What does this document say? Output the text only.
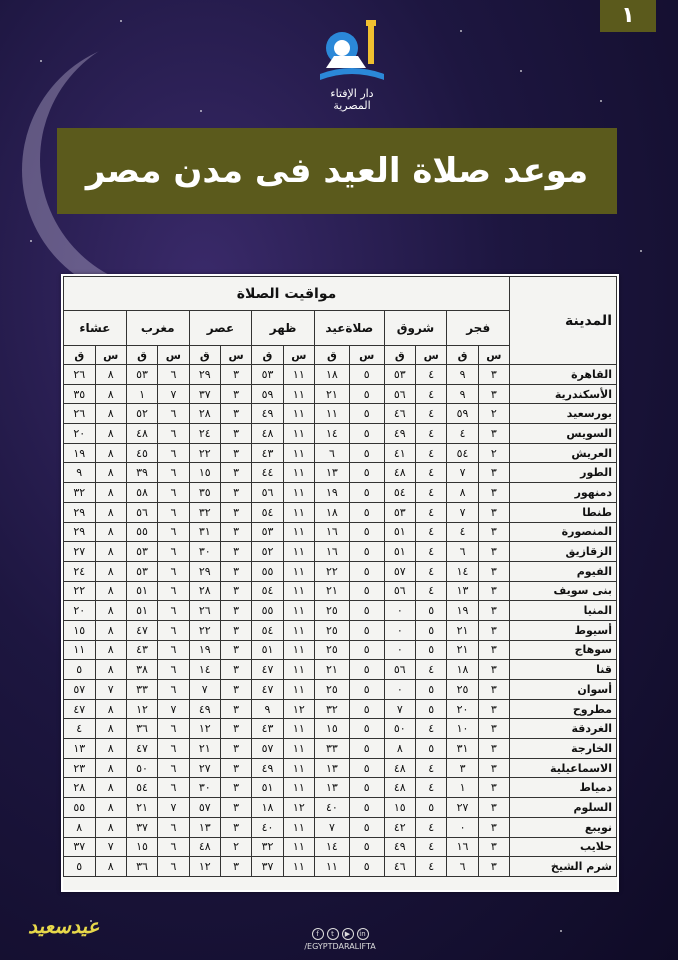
١
دار الإفتاء
المصرية
موعد صلاة العيد فى مدن مصر
المدينة	مواقيت الصلاة													
	فجر		شروق		صلاةعيد		ظهر		عصر		مغرب		عشاء	
	س	ق	س	ق	س	ق	س	ق	س	ق	س	ق	س	ق
القاهرة	٣	٩	٤	٥٣	٥	١٨	١١	٥٣	٣	٢٩	٦	٥٣	٨	٢٦
الأسكندرية	٣	٩	٤	٥٦	٥	٢١	١١	٥٩	٣	٣٧	٧	١	٨	٣٥
بورسعيد	٢	٥٩	٤	٤٦	٥	١١	١١	٤٩	٣	٢٨	٦	٥٢	٨	٢٦
السويس	٣	٤	٤	٤٩	٥	١٤	١١	٤٨	٣	٢٤	٦	٤٨	٨	٢٠
العريش	٢	٥٤	٤	٤١	٥	٦	١١	٤٣	٣	٢٢	٦	٤٥	٨	١٩
الطور	٣	٧	٤	٤٨	٥	١٣	١١	٤٤	٣	١٥	٦	٣٩	٨	٩
دمنهور	٣	٨	٤	٥٤	٥	١٩	١١	٥٦	٣	٣٥	٦	٥٨	٨	٣٢
طنطا	٣	٧	٤	٥٣	٥	١٨	١١	٥٤	٣	٣٢	٦	٥٦	٨	٢٩
المنصورة	٣	٤	٤	٥١	٥	١٦	١١	٥٣	٣	٣١	٦	٥٥	٨	٢٩
الزقازيق	٣	٦	٤	٥١	٥	١٦	١١	٥٢	٣	٣٠	٦	٥٣	٨	٢٧
الفيوم	٣	١٤	٤	٥٧	٥	٢٢	١١	٥٥	٣	٢٩	٦	٥٣	٨	٢٤
بنى سويف	٣	١٣	٤	٥٦	٥	٢١	١١	٥٤	٣	٢٨	٦	٥١	٨	٢٢
المنيا	٣	١٩	٥	٠	٥	٢٥	١١	٥٥	٣	٢٦	٦	٥١	٨	٢٠
أسيوط	٣	٢١	٥	٠	٥	٢٥	١١	٥٤	٣	٢٢	٦	٤٧	٨	١٥
سوهاج	٣	٢١	٥	٠	٥	٢٥	١١	٥١	٣	١٩	٦	٤٣	٨	١١
قنا	٣	١٨	٤	٥٦	٥	٢١	١١	٤٧	٣	١٤	٦	٣٨	٨	٥
أسوان	٣	٢٥	٥	٠	٥	٢٥	١١	٤٧	٣	٧	٦	٣٣	٧	٥٧
مطروح	٣	٢٠	٥	٧	٥	٣٢	١٢	٩	٣	٤٩	٧	١٢	٨	٤٧
الغردقة	٣	١٠	٤	٥٠	٥	١٥	١١	٤٣	٣	١٢	٦	٣٦	٨	٤
الخارجة	٣	٣١	٥	٨	٥	٣٣	١١	٥٧	٣	٢١	٦	٤٧	٨	١٣
الاسماعيلية	٣	٣	٤	٤٨	٥	١٣	١١	٤٩	٣	٢٧	٦	٥٠	٨	٢٣
دمياط	٣	١	٤	٤٨	٥	١٣	١١	٥١	٣	٣٠	٦	٥٤	٨	٢٨
السلوم	٣	٢٧	٥	١٥	٥	٤٠	١٢	١٨	٣	٥٧	٧	٢١	٨	٥٥
نويبع	٣	٠	٤	٤٢	٥	٧	١١	٤٠	٣	١٣	٦	٣٧	٨	٨
حلايب	٣	١٦	٤	٤٩	٥	١٤	١١	٣٢	٢	٤٨	٦	١٥	٧	٣٧
شرم الشيخ	٣	٦	٤	٤٦	٥	١١	١١	٣٧	٣	١٢	٦	٣٦	٨	٥
عيدسعيد	f	t	▶	in
/EGYPTDARALIFTA
